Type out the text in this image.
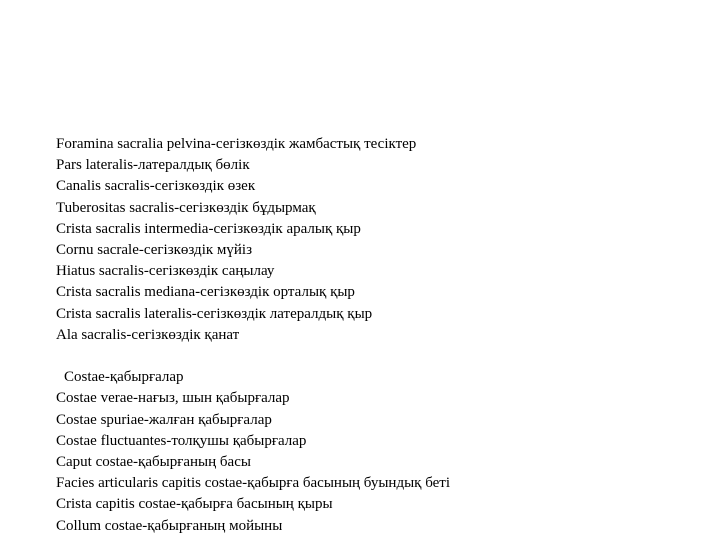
Foramina sacralia pelvina-сегізкөздік жамбастық тесіктер
Pars lateralis-латералдық бөлік
Canalis sacralis-сегізкөздік өзек
Tuberositas sacralis-сегізкөздік бұдырмақ
Crista sacralis intermedia-сегізкөздік аралық қыр
Cornu sacrale-сегізкөздік мүйіз
Hiatus sacralis-сегізкөздік саңылау
Crista sacralis mediana-сегізкөздік орталық қыр
Crista sacralis lateralis-сегізкөздік латералдық қыр
Ala sacralis-сегізкөздік қанат
Costae-қабырғалар
Costae verae-нағыз, шын қабырғалар
Costae spuriae-жалған қабырғалар
Costae fluctuantes-толқушы қабырғалар
Caput costae-қабырғаның басы
Facies articularis capitis costae-қабырға басының буындық беті
Crista capitis costae-қабырға басының қыры
Collum costae-қабырғаның мойыны
